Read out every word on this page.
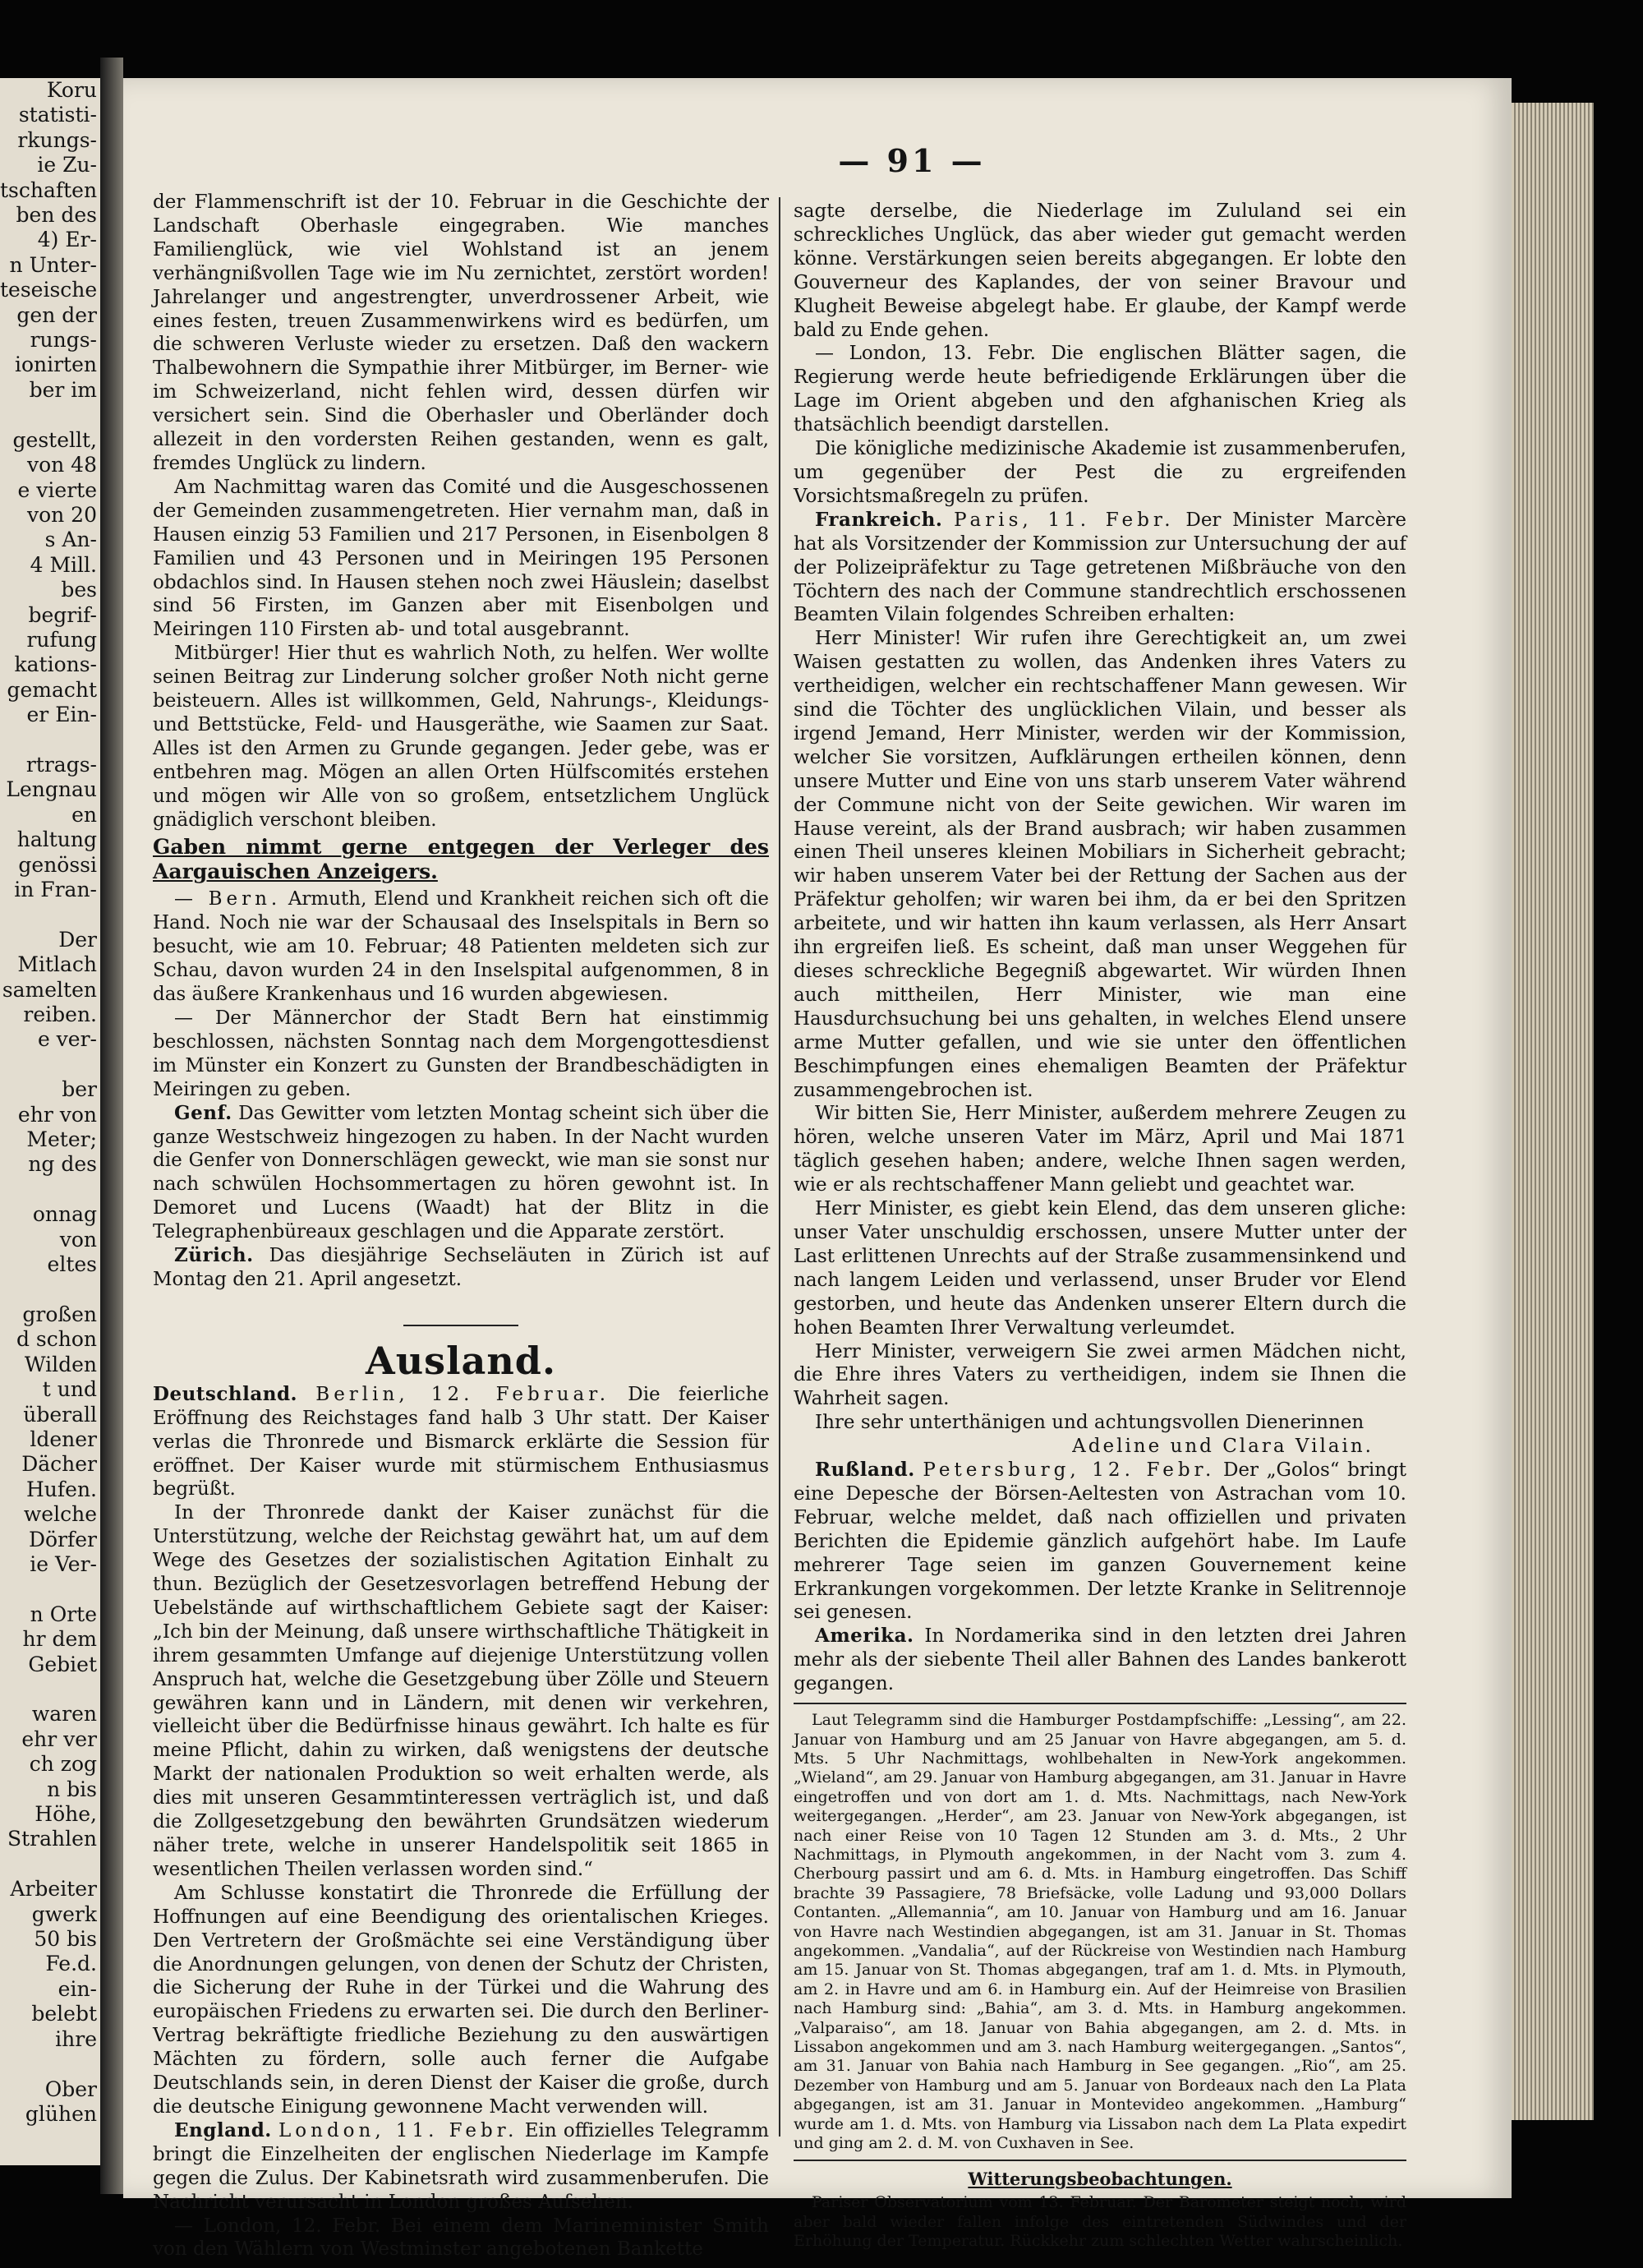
Koru
statisti-
rkungs-
ie Zu-
tschaften
ben des
4) Er-
n Unter-
teseische
gen der
rungs-
ionirten
ber im

gestellt,
von 48
e vierte
von 20
s An-
4 Mill.
bes
begrif-
rufung
kations-
gemacht
er Ein-

rtrags-
Lengnau
en
haltung
genössi
in Fran-

Der
Mitlach
samelten
reiben.
e ver-

ber
ehr von
Meter;
ng des

onnag
von
eltes

großen
d schon
Wilden
t und
überall
ldener
Dächer
Hufen.
welche
Dörfer
ie Ver-

n Orte
hr dem
Gebiet

waren
ehr ver
ch zog
n bis
Höhe,
Strahlen

Arbeiter
gwerk
50 bis
Fe.d.
ein-
belebt
ihre

Ober
glühen
— 91 —

der Flammenschrift ist der 10. Februar in die Geschichte der Landschaft Oberhasle eingegraben. Wie manches Familienglück, wie viel Wohlstand ist an jenem verhängnißvollen Tage wie im Nu zernichtet, zerstört worden! Jahrelanger und angestrengter, unverdrossener Arbeit, wie eines festen, treuen Zusammenwirkens wird es bedürfen, um die schweren Verluste wieder zu ersetzen. Daß den wackern Thalbewohnern die Sympathie ihrer Mitbürger, im Berner- wie im Schweizerland, nicht fehlen wird, dessen dürfen wir versichert sein. Sind die Oberhasler und Oberländer doch allezeit in den vordersten Reihen gestanden, wenn es galt, fremdes Unglück zu lindern.

Am Nachmittag waren das Comité und die Ausgeschossenen der Gemeinden zusammengetreten. Hier vernahm man, daß in Hausen einzig 53 Familien und 217 Personen, in Eisenbolgen 8 Familien und 43 Personen und in Meiringen 195 Personen obdachlos sind. In Hausen stehen noch zwei Häuslein; daselbst sind 56 Firsten, im Ganzen aber mit Eisenbolgen und Meiringen 110 Firsten ab- und total ausgebrannt.

Mitbürger! Hier thut es wahrlich Noth, zu helfen. Wer wollte seinen Beitrag zur Linderung solcher großer Noth nicht gerne beisteuern. Alles ist willkommen, Geld, Nahrungs-, Kleidungs- und Bettstücke, Feld- und Hausgeräthe, wie Saamen zur Saat. Alles ist den Armen zu Grunde gegangen. Jeder gebe, was er entbehren mag. Mögen an allen Orten Hülfscomités erstehen und mögen wir Alle von so großem, entsetzlichem Unglück gnädiglich verschont bleiben.

Gaben nimmt gerne entgegen der Verleger des Aargauischen Anzeigers.

— Bern. Armuth, Elend und Krankheit reichen sich oft die Hand. Noch nie war der Schausaal des Inselspitals in Bern so besucht, wie am 10. Februar; 48 Patienten meldeten sich zur Schau, davon wurden 24 in den Inselspital aufgenommen, 8 in das äußere Krankenhaus und 16 wurden abgewiesen.

— Der Männerchor der Stadt Bern hat einstimmig beschlossen, nächsten Sonntag nach dem Morgengottesdienst im Münster ein Konzert zu Gunsten der Brandbeschädigten in Meiringen zu geben.

Genf. Das Gewitter vom letzten Montag scheint sich über die ganze Westschweiz hingezogen zu haben. In der Nacht wurden die Genfer von Donnerschlägen geweckt, wie man sie sonst nur nach schwülen Hochsommertagen zu hören gewohnt ist. In Demoret und Lucens (Waadt) hat der Blitz in die Telegraphenbüreaux geschlagen und die Apparate zerstört.

Zürich. Das diesjährige Sechseläuten in Zürich ist auf Montag den 21. April angesetzt.

Ausland.

Deutschland. Berlin, 12. Februar. Die feierliche Eröffnung des Reichstages fand halb 3 Uhr statt. Der Kaiser verlas die Thronrede und Bismarck erklärte die Session für eröffnet. Der Kaiser wurde mit stürmischem Enthusiasmus begrüßt.

In der Thronrede dankt der Kaiser zunächst für die Unterstützung, welche der Reichstag gewährt hat, um auf dem Wege des Gesetzes der sozialistischen Agitation Einhalt zu thun. Bezüglich der Gesetzesvorlagen betreffend Hebung der Uebelstände auf wirthschaftlichem Gebiete sagt der Kaiser: „Ich bin der Meinung, daß unsere wirthschaftliche Thätigkeit in ihrem gesammten Umfange auf diejenige Unterstützung vollen Anspruch hat, welche die Gesetzgebung über Zölle und Steuern gewähren kann und in Ländern, mit denen wir verkehren, vielleicht über die Bedürfnisse hinaus gewährt. Ich halte es für meine Pflicht, dahin zu wirken, daß wenigstens der deutsche Markt der nationalen Produktion so weit erhalten werde, als dies mit unseren Gesammtinteressen verträglich ist, und daß die Zollgesetzgebung den bewährten Grundsätzen wiederum näher trete, welche in unserer Handelspolitik seit 1865 in wesentlichen Theilen verlassen worden sind.“

Am Schlusse konstatirt die Thronrede die Erfüllung der Hoffnungen auf eine Beendigung des orientalischen Krieges. Den Vertretern der Großmächte sei eine Verständigung über die Anordnungen gelungen, von denen der Schutz der Christen, die Sicherung der Ruhe in der Türkei und die Wahrung des europäischen Friedens zu erwarten sei. Die durch den Berliner-Vertrag bekräftigte friedliche Beziehung zu den auswärtigen Mächten zu fördern, solle auch ferner die Aufgabe Deutschlands sein, in deren Dienst der Kaiser die große, durch die deutsche Einigung gewonnene Macht verwenden will.

England. London, 11. Febr. Ein offizielles Telegramm bringt die Einzelheiten der englischen Niederlage im Kampfe gegen die Zulus. Der Kabinetsrath wird zusammenberufen. Die Nachricht verursacht in London großes Aufsehen.

— London, 12. Febr. Bei einem dem Marineminister Smith von den Wählern von Westminster angebotenen Bankette

sagte derselbe, die Niederlage im Zululand sei ein schreckliches Unglück, das aber wieder gut gemacht werden könne. Verstärkungen seien bereits abgegangen. Er lobte den Gouverneur des Kaplandes, der von seiner Bravour und Klugheit Beweise abgelegt habe. Er glaube, der Kampf werde bald zu Ende gehen.

— London, 13. Febr. Die englischen Blätter sagen, die Regierung werde heute befriedigende Erklärungen über die Lage im Orient abgeben und den afghanischen Krieg als thatsächlich beendigt darstellen.

Die königliche medizinische Akademie ist zusammenberufen, um gegenüber der Pest die zu ergreifenden Vorsichtsmaßregeln zu prüfen.

Frankreich. Paris, 11. Febr. Der Minister Marcère hat als Vorsitzender der Kommission zur Untersuchung der auf der Polizeipräfektur zu Tage getretenen Mißbräuche von den Töchtern des nach der Commune standrechtlich erschossenen Beamten Vilain folgendes Schreiben erhalten:

Herr Minister! Wir rufen ihre Gerechtigkeit an, um zwei Waisen gestatten zu wollen, das Andenken ihres Vaters zu vertheidigen, welcher ein rechtschaffener Mann gewesen. Wir sind die Töchter des unglücklichen Vilain, und besser als irgend Jemand, Herr Minister, werden wir der Kommission, welcher Sie vorsitzen, Aufklärungen ertheilen können, denn unsere Mutter und Eine von uns starb unserem Vater während der Commune nicht von der Seite gewichen. Wir waren im Hause vereint, als der Brand ausbrach; wir haben zusammen einen Theil unseres kleinen Mobiliars in Sicherheit gebracht; wir haben unserem Vater bei der Rettung der Sachen aus der Präfektur geholfen; wir waren bei ihm, da er bei den Spritzen arbeitete, und wir hatten ihn kaum verlassen, als Herr Ansart ihn ergreifen ließ. Es scheint, daß man unser Weggehen für dieses schreckliche Begegniß abgewartet. Wir würden Ihnen auch mittheilen, Herr Minister, wie man eine Hausdurchsuchung bei uns gehalten, in welches Elend unsere arme Mutter gefallen, und wie sie unter den öffentlichen Beschimpfungen eines ehemaligen Beamten der Präfektur zusammengebrochen ist.

Wir bitten Sie, Herr Minister, außerdem mehrere Zeugen zu hören, welche unseren Vater im März, April und Mai 1871 täglich gesehen haben; andere, welche Ihnen sagen werden, wie er als rechtschaffener Mann geliebt und geachtet war.

Herr Minister, es giebt kein Elend, das dem unseren gliche: unser Vater unschuldig erschossen, unsere Mutter unter der Last erlittenen Unrechts auf der Straße zusammensinkend und nach langem Leiden und verlassend, unser Bruder vor Elend gestorben, und heute das Andenken unserer Eltern durch die hohen Beamten Ihrer Verwaltung verleumdet.

Herr Minister, verweigern Sie zwei armen Mädchen nicht, die Ehre ihres Vaters zu vertheidigen, indem sie Ihnen die Wahrheit sagen.

Ihre sehr unterthänigen und achtungsvollen Dienerinnen

Adeline und Clara Vilain.

Rußland. Petersburg, 12. Febr. Der „Golos“ bringt eine Depesche der Börsen-Aeltesten von Astrachan vom 10. Februar, welche meldet, daß nach offiziellen und privaten Berichten die Epidemie gänzlich aufgehört habe. Im Laufe mehrerer Tage seien im ganzen Gouvernement keine Erkrankungen vorgekommen. Der letzte Kranke in Selitrennoje sei genesen.

Amerika. In Nordamerika sind in den letzten drei Jahren mehr als der siebente Theil aller Bahnen des Landes bankerott gegangen.

Laut Telegramm sind die Hamburger Postdampfschiffe: „Lessing“, am 22. Januar von Hamburg und am 25 Januar von Havre abgegangen, am 5. d. Mts. 5 Uhr Nachmittags, wohlbehalten in New-York angekommen. „Wieland“, am 29. Januar von Hamburg abgegangen, am 31. Januar in Havre eingetroffen und von dort am 1. d. Mts. Nachmittags, nach New-York weitergegangen. „Herder“, am 23. Januar von New-York abgegangen, ist nach einer Reise von 10 Tagen 12 Stunden am 3. d. Mts., 2 Uhr Nachmittags, in Plymouth angekommen, in der Nacht vom 3. zum 4. Cherbourg passirt und am 6. d. Mts. in Hamburg eingetroffen. Das Schiff brachte 39 Passagiere, 78 Briefsäcke, volle Ladung und 93,000 Dollars Contanten. „Allemannia“, am 10. Januar von Hamburg und am 16. Januar von Havre nach Westindien abgegangen, ist am 31. Januar in St. Thomas angekommen. „Vandalia“, auf der Rückreise von Westindien nach Hamburg am 15. Januar von St. Thomas abgegangen, traf am 1. d. Mts. in Plymouth, am 2. in Havre und am 6. in Hamburg ein. Auf der Heimreise von Brasilien nach Hamburg sind: „Bahia“, am 3. d. Mts. in Hamburg angekommen. „Valparaiso“, am 18. Januar von Bahia abgegangen, am 2. d. Mts. in Lissabon angekommen und am 3. nach Hamburg weitergegangen. „Santos“, am 31. Januar von Bahia nach Hamburg in See gegangen. „Rio“, am 25. Dezember von Hamburg und am 5. Januar von Bordeaux nach den La Plata abgegangen, ist am 31. Januar in Montevideo angekommen. „Hamburg“ wurde am 1. d. Mts. von Hamburg via Lissabon nach dem La Plata expedirt und ging am 2. d. M. von Cuxhaven in See.

Witterungsbeobachtungen.

Pariser Observatorium vom 13. Februar. Der Barometer steigt noch, wird aber bald wieder fallen infolge des eintretenden Südwindes und der Erhöhung der Temperatur. Rückkehr zum schlechten Wetter wahrscheinlich.
